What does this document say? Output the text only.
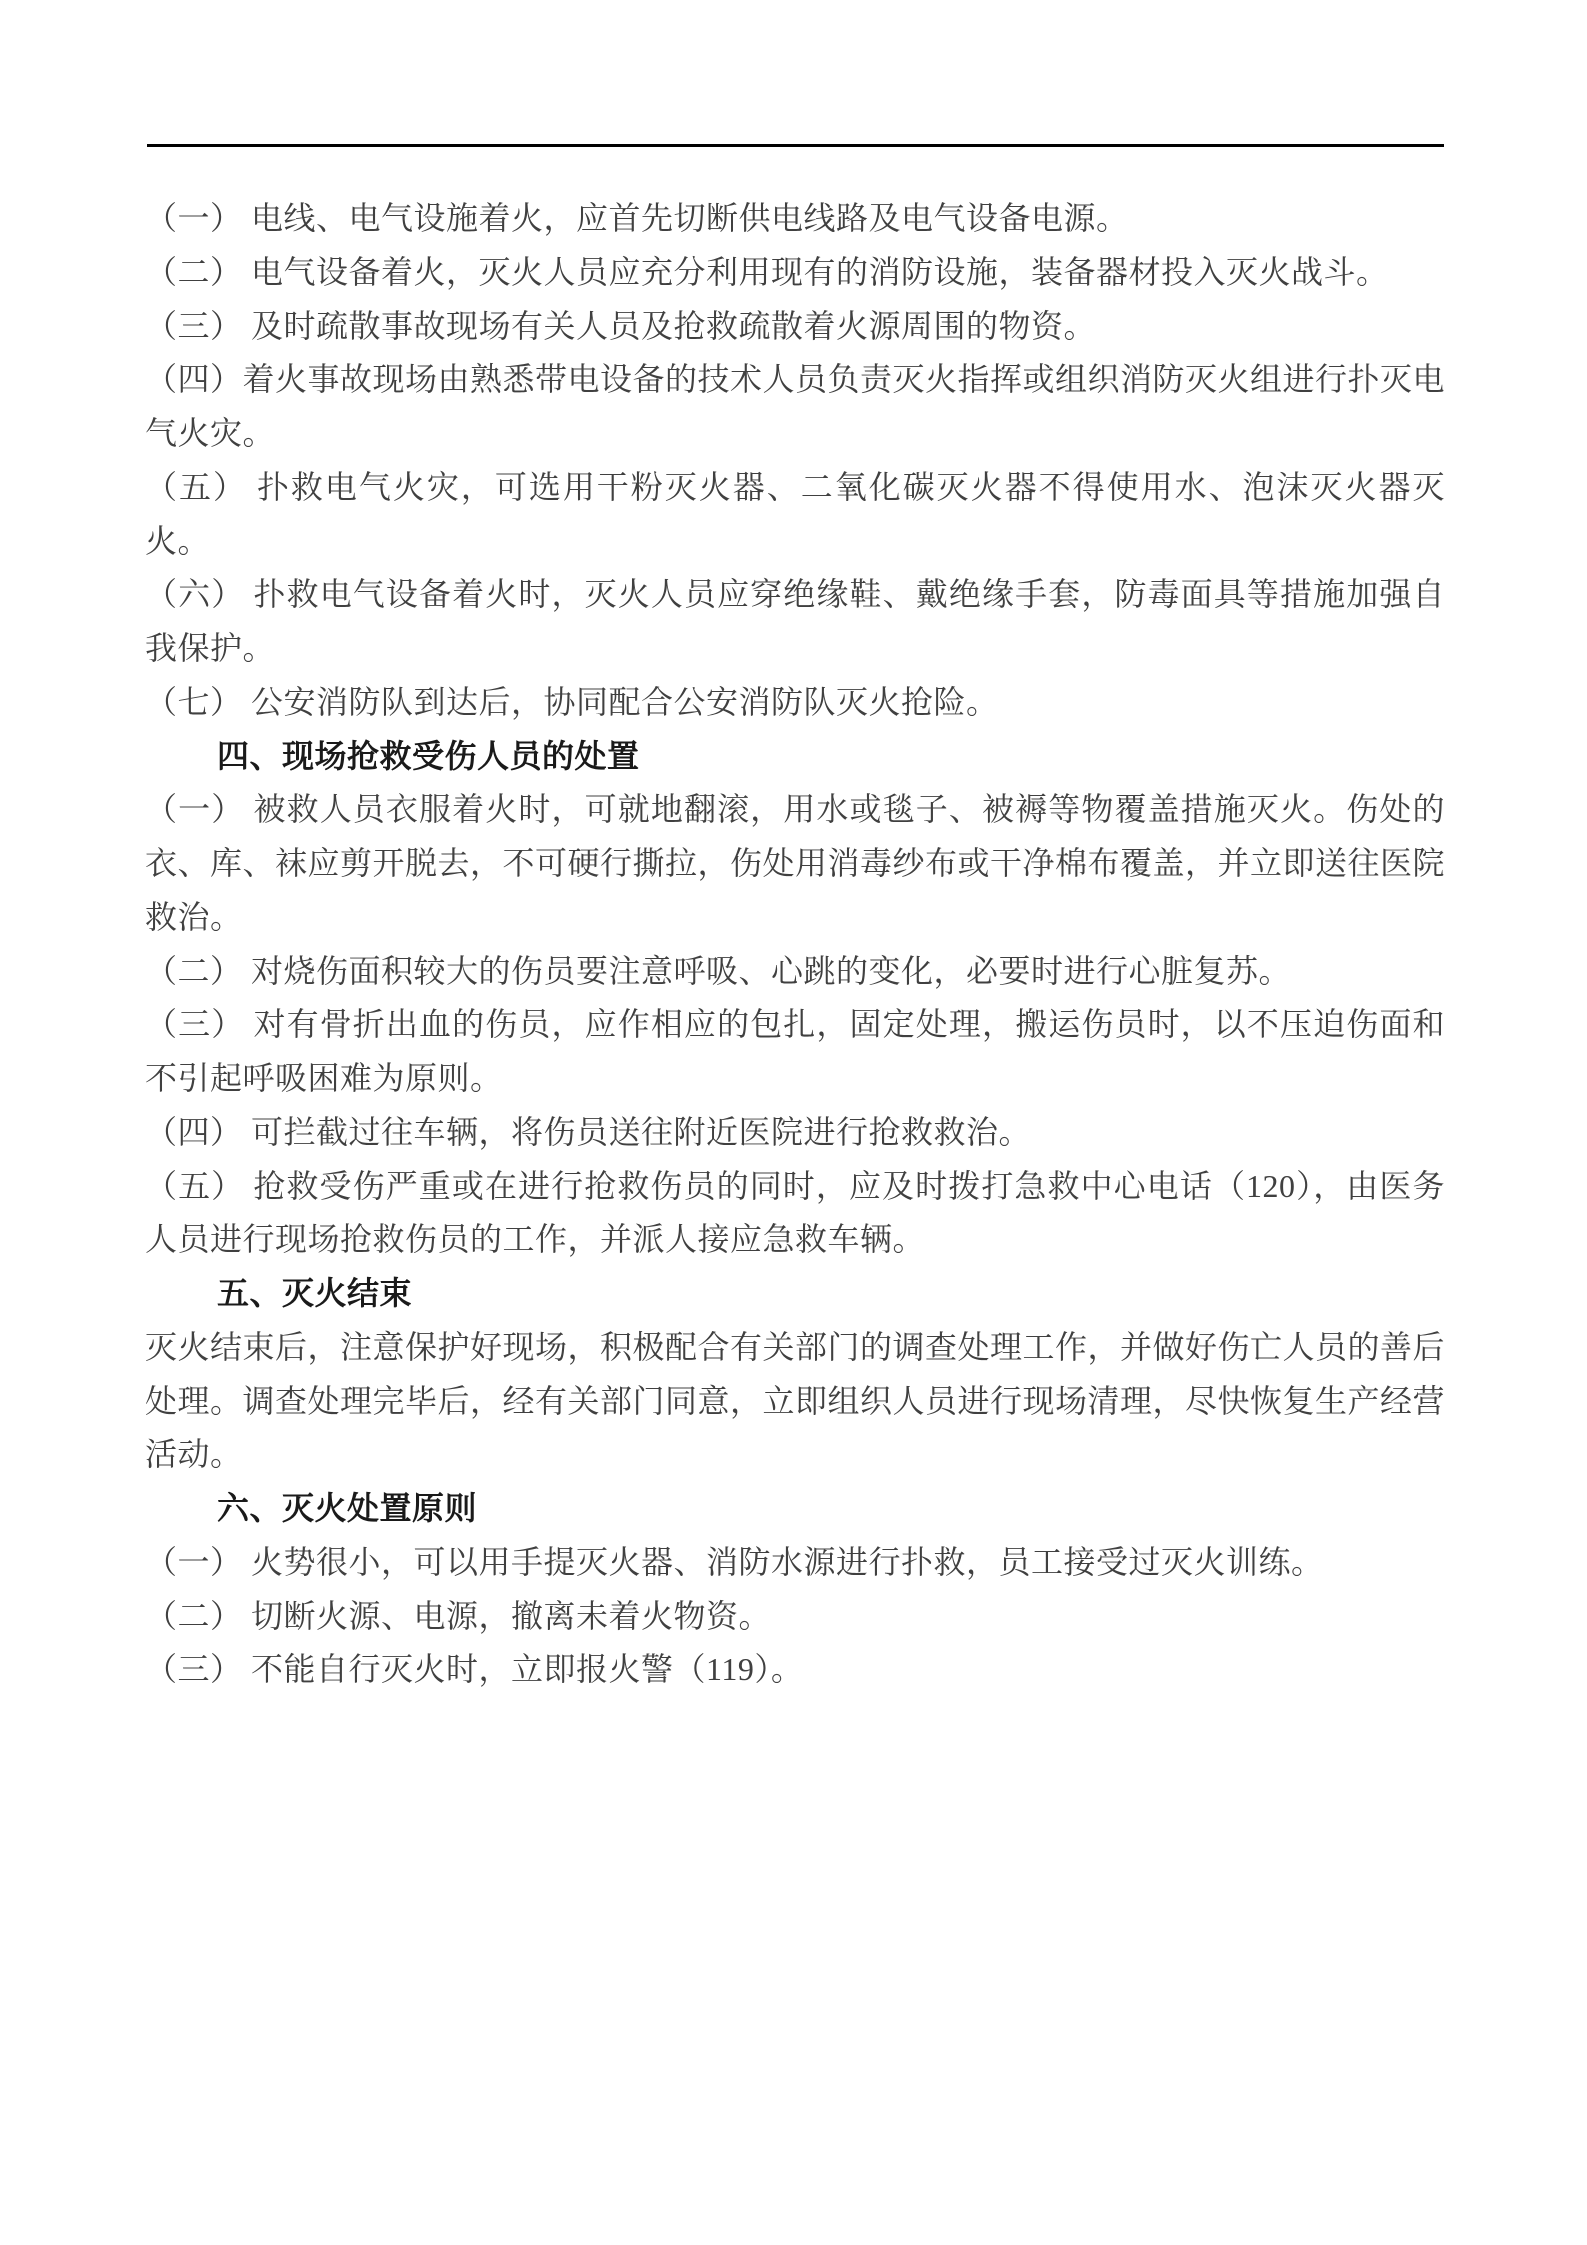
（一） 电线、电气设施着火，应首先切断供电线路及电气设备电源。

（二） 电气设备着火，灭火人员应充分利用现有的消防设施，装备器材投入灭火战斗。

（三） 及时疏散事故现场有关人员及抢救疏散着火源周围的物资。

（四）着火事故现场由熟悉带电设备的技术人员负责灭火指挥或组织消防灭火组进行扑灭电气火灾。

（五） 扑救电气火灾，可选用干粉灭火器、二氧化碳灭火器不得使用水、泡沫灭火器灭火。

（六） 扑救电气设备着火时，灭火人员应穿绝缘鞋、戴绝缘手套，防毒面具等措施加强自我保护。

（七） 公安消防队到达后，协同配合公安消防队灭火抢险。

四、现场抢救受伤人员的处置

（一） 被救人员衣服着火时，可就地翻滚，用水或毯子、被褥等物覆盖措施灭火。伤处的衣、库、袜应剪开脱去，不可硬行撕拉，伤处用消毒纱布或干净棉布覆盖，并立即送往医院救治。

（二） 对烧伤面积较大的伤员要注意呼吸、心跳的变化，必要时进行心脏复苏。

（三） 对有骨折出血的伤员，应作相应的包扎，固定处理，搬运伤员时，以不压迫伤面和不引起呼吸困难为原则。

（四） 可拦截过往车辆，将伤员送往附近医院进行抢救救治。

（五） 抢救受伤严重或在进行抢救伤员的同时，应及时拨打急救中心电话（120），由医务人员进行现场抢救伤员的工作，并派人接应急救车辆。

五、灭火结束

灭火结束后，注意保护好现场，积极配合有关部门的调查处理工作，并做好伤亡人员的善后处理。调查处理完毕后，经有关部门同意，立即组织人员进行现场清理，尽快恢复生产经营活动。

六、灭火处置原则

（一） 火势很小，可以用手提灭火器、消防水源进行扑救，员工接受过灭火训练。

（二） 切断火源、电源，撤离未着火物资。

（三） 不能自行灭火时，立即报火警（119）。
